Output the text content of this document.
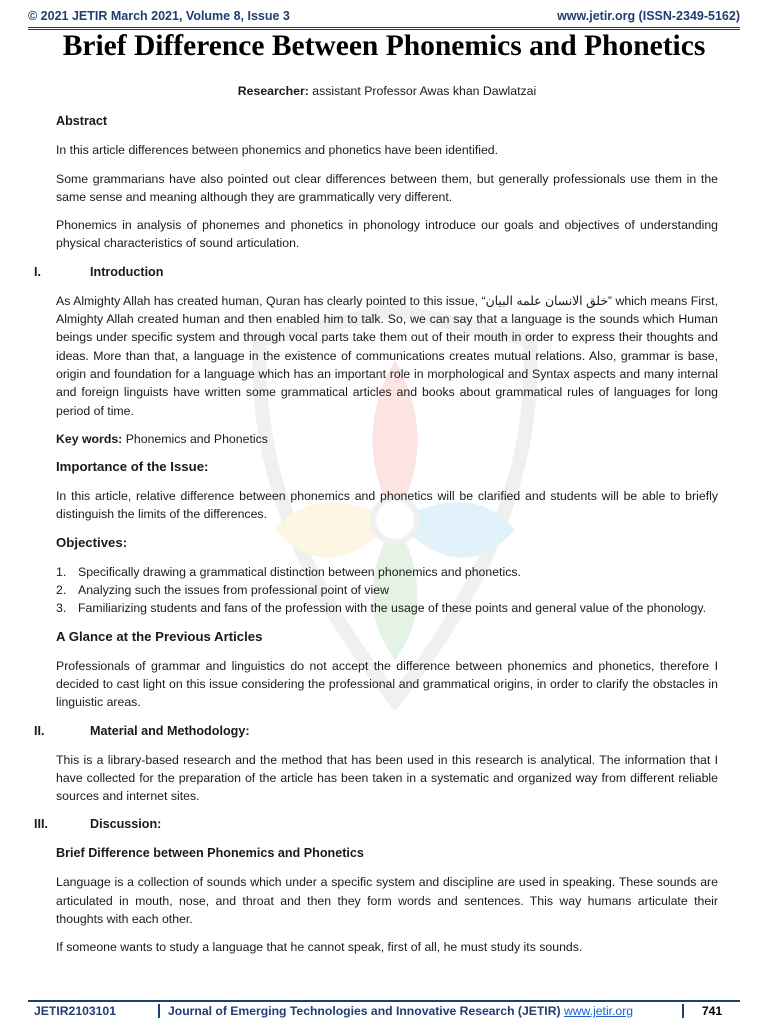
© 2021 JETIR March 2021, Volume 8, Issue 3	www.jetir.org (ISSN-2349-5162)
Brief Difference Between Phonemics and Phonetics

Researcher: assistant Professor Awas khan Dawlatzai

Abstract

In this article differences between phonemics and phonetics have been identified.

Some grammarians have also pointed out clear differences between them, but generally professionals use them in the same sense and meaning although they are grammatically very different.

Phonemics in analysis of phonemes and phonetics in phonology introduce our goals and objectives of understanding physical characteristics of sound articulation.

I.	Introduction

As Almighty Allah has created human, Quran has clearly pointed to this issue, “خلق الانسان علمه البيان” which means First, Almighty Allah created human and then enabled him to talk. So, we can say that a language is the sounds which Human beings under specific system and through vocal parts take them out of their mouth in order to express their thoughts and ideas. More than that, a language in the existence of communications creates mutual relations. Also, grammar is base, origin and foundation for a language which has an important role in morphological and Syntax aspects and many internal and foreign linguists have written some grammatical articles and books about grammatical rules of languages for long period of time.

Key words: Phonemics and Phonetics

Importance of the Issue:

In this article, relative difference between phonemics and phonetics will be clarified and students will be able to briefly distinguish the limits of the differences.

Objectives:
1. Specifically drawing a grammatical distinction between phonemics and phonetics.
2. Analyzing such the issues from professional point of view
3. Familiarizing students and fans of the profession with the usage of these points and general value of the phonology.
A Glance at the Previous Articles

Professionals of grammar and linguistics do not accept the difference between phonemics and phonetics, therefore I decided to cast light on this issue considering the professional and grammatical origins, in order to clarify the obstacles in linguistic areas.

II.	Material and Methodology:

This is a library-based research and the method that has been used in this research is analytical. The information that I have collected for the preparation of the article has been taken in a systematic and organized way from different reliable sources and internet sites.

III.	Discussion:
Brief Difference between Phonemics and Phonetics

Language is a collection of sounds which under a specific system and discipline are used in speaking. These sounds are articulated in mouth, nose, and throat and then they form words and sentences. This way humans articulate their thoughts with each other.

If someone wants to study a language that he cannot speak, first of all, he must study its sounds.

JETIR2103101	Journal of Emerging Technologies and Innovative Research (JETIR) www.jetir.org	741
